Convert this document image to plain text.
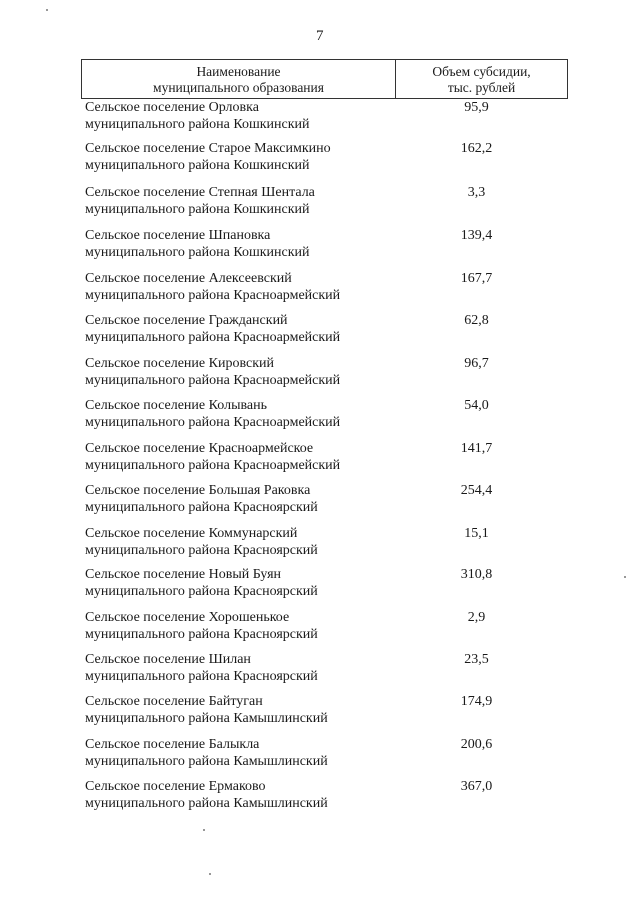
7
Наименование
муниципального образования
Объем субсидии,
тыс. рублей
Сельское поселение Орловка
муниципального района Кошкинский
95,9
Сельское поселение Старое Максимкино
муниципального района Кошкинский
162,2
Сельское поселение Степная Шентала
муниципального района Кошкинский
3,3
Сельское поселение Шпановка
муниципального района Кошкинский
139,4
Сельское поселение Алексеевский
муниципального района Красноармейский
167,7
Сельское поселение Гражданский
муниципального района Красноармейский
62,8
Сельское поселение Кировский
муниципального района Красноармейский
96,7
Сельское поселение Колывань
муниципального района Красноармейский
54,0
Сельское поселение Красноармейское
муниципального района Красноармейский
141,7
Сельское поселение Большая Раковка
муниципального района Красноярский
254,4
Сельское поселение Коммунарский
муниципального района Красноярский
15,1
Сельское поселение Новый Буян
муниципального района Красноярский
310,8
Сельское поселение Хорошенькое
муниципального района Красноярский
2,9
Сельское поселение Шилан
муниципального района Красноярский
23,5
Сельское поселение Байтуган
муниципального района Камышлинский
174,9
Сельское поселение Балыкла
муниципального района Камышлинский
200,6
Сельское поселение Ермаково
муниципального района Камышлинский
367,0
